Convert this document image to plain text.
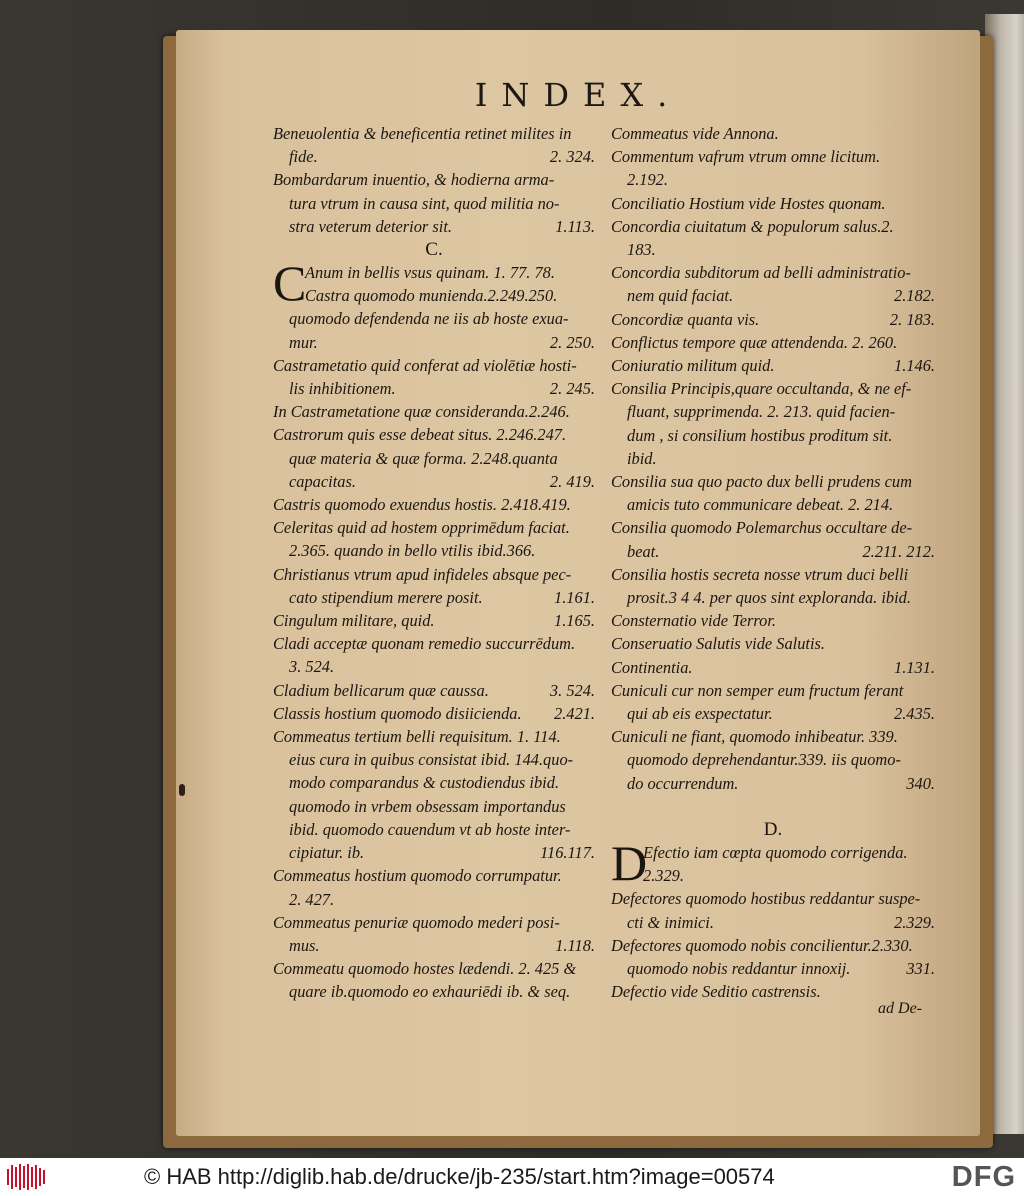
INDEX.
Beneuolentia & beneficentia retinet milites in
2. 324.
fide.
Bombardarum inuentio, & hodierna arma-
tura vtrum in causa sint, quod militia no-
1.113.
stra veterum deterior sit.
C.
C
Anum in bellis vsus quinam. 1. 77. 78.
Castra quomodo munienda.2.249.250.
quomodo defendenda ne iis ab hoste exua-
2. 250.
mur.
Castrametatio quid conferat ad violētiæ hosti-
2. 245.
lis inhibitionem.
In Castrametatione quæ consideranda.2.246.
Castrorum quis esse debeat situs. 2.246.247.
quæ materia & quæ forma. 2.248.quanta
2. 419.
capacitas.
Castris quomodo exuendus hostis. 2.418.419.
Celeritas quid ad hostem opprimēdum faciat.
2.365. quando in bello vtilis ibid.366.
Christianus vtrum apud infideles absque pec-
1.161.
cato stipendium merere posit.
1.165.
Cingulum militare, quid.
Cladi acceptæ quonam remedio succurrēdum.
3. 524.
3. 524.
Cladium bellicarum quæ caussa.
2.421.
Classis hostium quomodo disiicienda.
Commeatus tertium belli requisitum. 1. 114.
eius cura in quibus consistat ibid. 144.quo-
modo comparandus & custodiendus ibid.
quomodo in vrbem obsessam importandus
ibid. quomodo cauendum vt ab hoste inter-
116.117.
cipiatur. ib.
Commeatus hostium quomodo corrumpatur.
2. 427.
Commeatus penuriæ quomodo mederi posi-
1.118.
mus.
Commeatu quomodo hostes lædendi. 2. 425 &
quare ib.quomodo eo exhauriēdi ib. & seq.
Commeatus vide Annona.
Commentum vafrum vtrum omne licitum.
2.192.
Conciliatio Hostium vide Hostes quonam.
Concordia ciuitatum & populorum salus.2.
183.
Concordia subditorum ad belli administratio-
2.182.
nem quid faciat.
2. 183.
Concordiæ quanta vis.
Conflictus tempore quæ attendenda. 2. 260.
1.146.
Coniuratio militum quid.
Consilia Principis,quare occultanda, & ne ef-
fluant, supprimenda. 2. 213. quid facien-
dum , si consilium hostibus proditum sit.
ibid.
Consilia sua quo pacto dux belli prudens cum
amicis tuto communicare debeat. 2. 214.
Consilia quomodo Polemarchus occultare de-
2.211. 212.
beat.
Consilia hostis secreta nosse vtrum duci belli
prosit.3 4 4. per quos sint exploranda. ibid.
Consternatio vide Terror.
Conseruatio Salutis vide Salutis.
1.131.
Continentia.
Cuniculi cur non semper eum fructum ferant
2.435.
qui ab eis exspectatur.
Cuniculi ne fiant, quomodo inhibeatur. 339.
quomodo deprehendantur.339. iis quomo-
340.
do occurrendum.
D.
D
Efectio iam cœpta quomodo corrigenda.
2.329.
Defectores quomodo hostibus reddantur suspe-
2.329.
cti & inimici.
Defectores quomodo nobis concilientur.2.330.
331.
quomodo nobis reddantur innoxij.
Defectio vide Seditio castrensis.
ad De-
© HAB http://diglib.hab.de/drucke/jb-235/start.htm?image=00574	DFG
